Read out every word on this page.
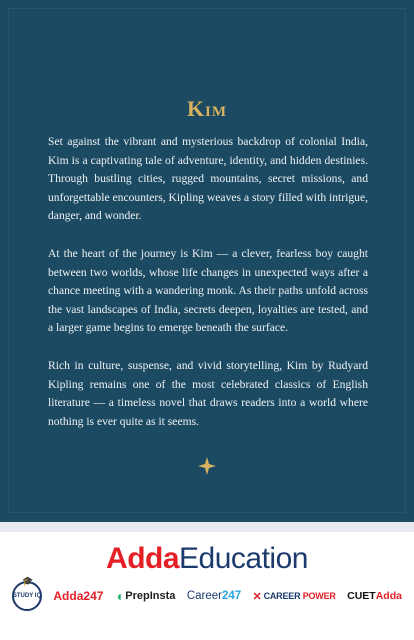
Kim

Set against the vibrant and mysterious backdrop of colonial India, Kim is a captivating tale of adventure, identity, and hidden destinies. Through bustling cities, rugged mountains, secret missions, and unforgettable encounters, Kipling weaves a story filled with intrigue, danger, and wonder.

At the heart of the journey is Kim — a clever, fearless boy caught between two worlds, whose life changes in unexpected ways after a chance meeting with a wandering monk. As their paths unfold across the vast landscapes of India, secrets deepen, loyalties are tested, and a larger game begins to emerge beneath the surface.

Rich in culture, suspense, and vivid storytelling, Kim by Rudyard Kipling remains one of the most celebrated classics of English literature — a timeless novel that draws readers into a world where nothing is ever quite as it seems.

AddaEducation
🎓
STUDY IQ Adda 247 ◖ PrepInsta Career 247 ✕ CAREER
POWER CUET Adda
